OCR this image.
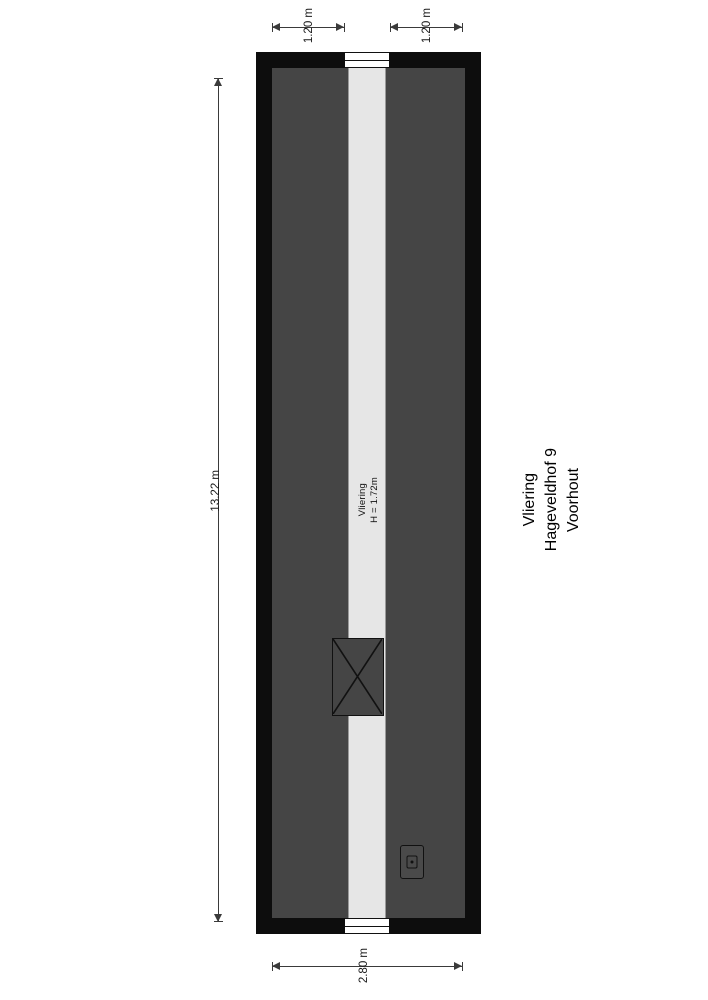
Vliering H = 1.72m
13.22 m
1.20 m	1.20 m
2.80 m
Vliering Hageveldhof 9 Voorhout
